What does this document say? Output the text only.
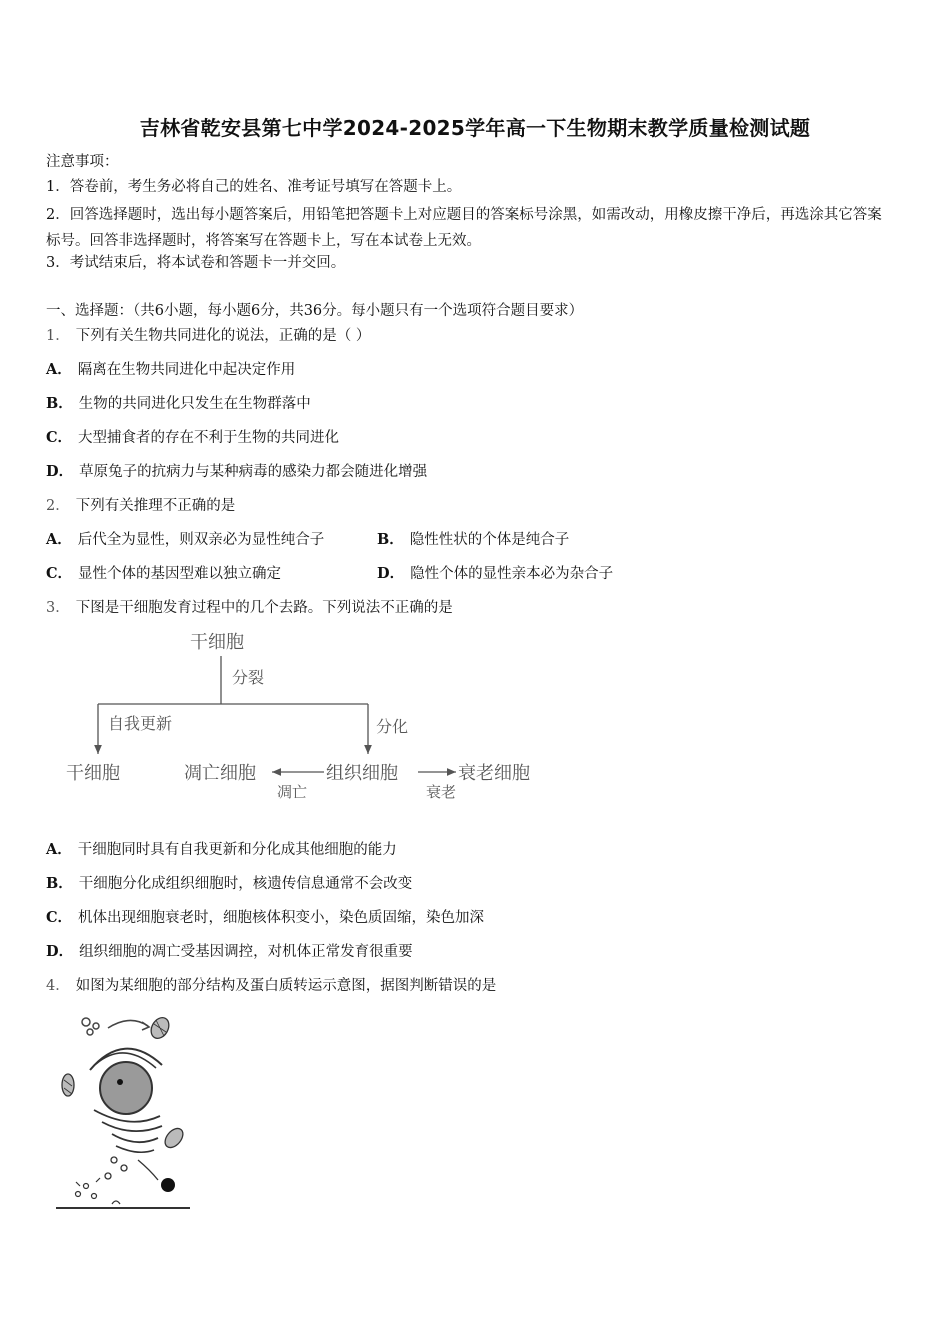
吉林省乾安县第七中学2024-2025学年高一下生物期末教学质量检测试题
注意事项：
1．答卷前，考生务必将自己的姓名、准考证号填写在答题卡上。
2．回答选择题时，选出每小题答案后，用铅笔把答题卡上对应题目的答案标号涂黑，如需改动，用橡皮擦干净后，再选涂其它答案标号。回答非选择题时，将答案写在答题卡上，写在本试卷上无效。
3．考试结束后，将本试卷和答题卡一并交回。
一、选择题：（共6小题，每小题6分，共36分。每小题只有一个选项符合题目要求）
1． 下列有关生物共同进化的说法，正确的是（ ）
A． 隔离在生物共同进化中起决定作用
B． 生物的共同进化只发生在生物群落中
C． 大型捕食者的存在不利于生物的共同进化
D． 草原兔子的抗病力与某种病毒的感染力都会随进化增强
2． 下列有关推理不正确的是
A． 后代全为显性，则双亲必为显性纯合子	B． 隐性性状的个体是纯合子
C． 显性个体的基因型难以独立确定	D． 隐性个体的显性亲本必为杂合子
3． 下图是干细胞发育过程中的几个去路。下列说法不正确的是
干细胞
分裂
自我更新	分化
干细胞	凋亡细胞
凋亡
组织细胞
衰老
衰老细胞
A． 干细胞同时具有自我更新和分化成其他细胞的能力
B． 干细胞分化成组织细胞时，核遗传信息通常不会改变
C． 机体出现细胞衰老时，细胞核体积变小，染色质固缩，染色加深
D． 组织细胞的凋亡受基因调控，对机体正常发育很重要
4． 如图为某细胞的部分结构及蛋白质转运示意图，据图判断错误的是
